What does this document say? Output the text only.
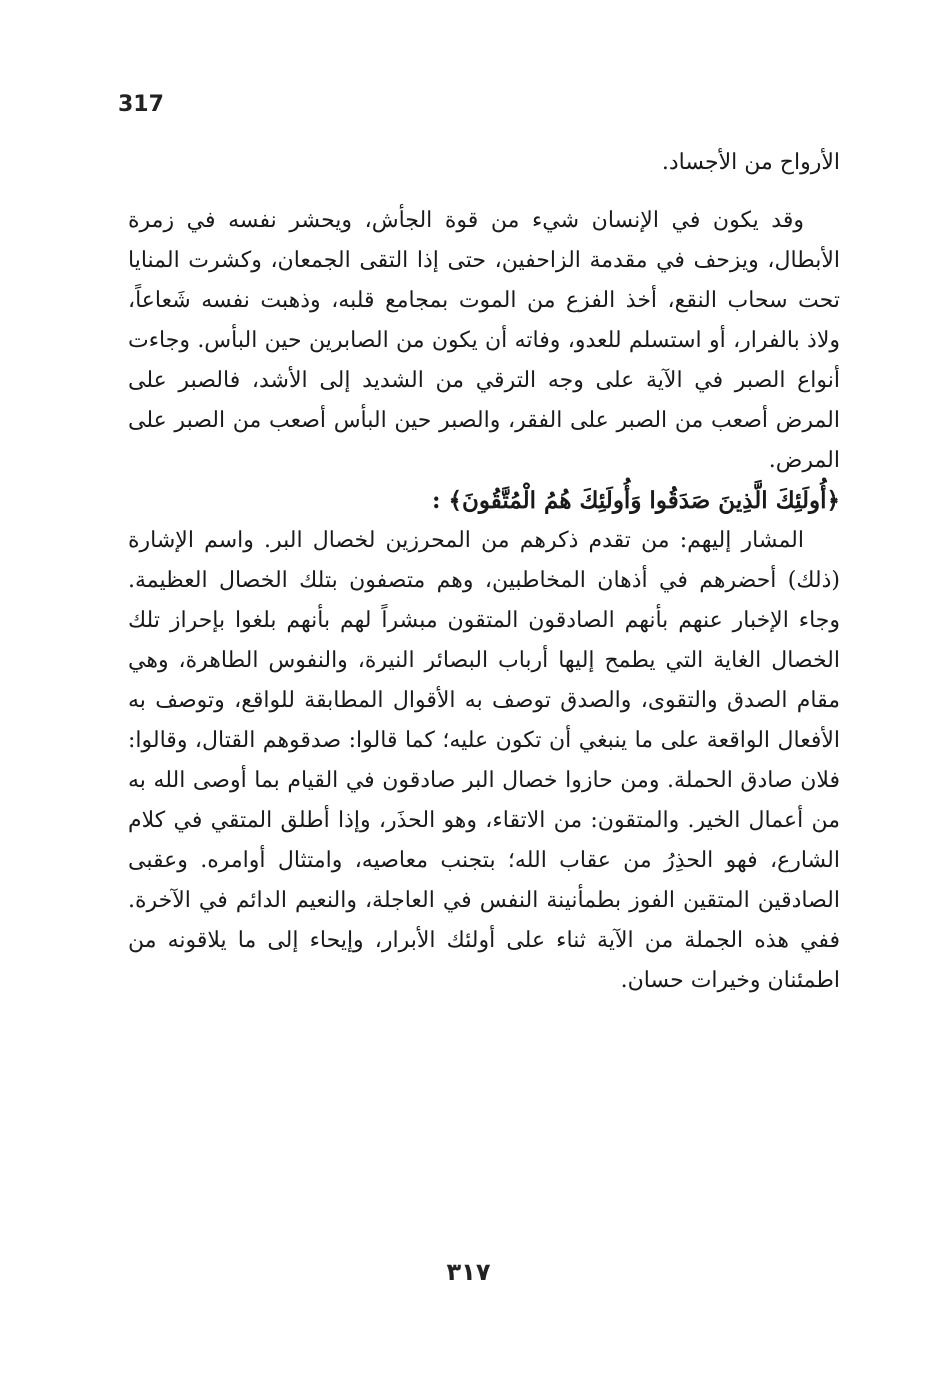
317

الأرواح من الأجساد.

وقد يكون في الإنسان شيء من قوة الجأش، ويحشر نفسه في زمرة الأبطال، ويزحف في مقدمة الزاحفين، حتى إذا التقى الجمعان، وكشرت المنايا تحت سحاب النقع، أخذ الفزع من الموت بمجامع قلبه، وذهبت نفسه شَعاعاً، ولاذ بالفرار، أو استسلم للعدو، وفاته أن يكون من الصابرين حين البأس. وجاءت أنواع الصبر في الآية على وجه الترقي من الشديد إلى الأشد، فالصبر على المرض أصعب من الصبر على الفقر، والصبر حين البأس أصعب من الصبر على المرض.

﴿أُولَئِكَ الَّذِينَ صَدَقُوا وَأُولَئِكَ هُمُ الْمُتَّقُونَ﴾ :

المشار إليهم: من تقدم ذكرهم من المحرزين لخصال البر. واسم الإشارة (ذلك) أحضرهم في أذهان المخاطبين، وهم متصفون بتلك الخصال العظيمة. وجاء الإخبار عنهم بأنهم الصادقون المتقون مبشراً لهم بأنهم بلغوا بإحراز تلك الخصال الغاية التي يطمح إليها أرباب البصائر النيرة، والنفوس الطاهرة، وهي مقام الصدق والتقوى، والصدق توصف به الأقوال المطابقة للواقع، وتوصف به الأفعال الواقعة على ما ينبغي أن تكون عليه؛ كما قالوا: صدقوهم القتال، وقالوا: فلان صادق الحملة. ومن حازوا خصال البر صادقون في القيام بما أوصى الله به من أعمال الخير. والمتقون: من الاتقاء، وهو الحذَر، وإذا أطلق المتقي في كلام الشارع، فهو الحذِرُ من عقاب الله؛ بتجنب معاصيه، وامتثال أوامره. وعقبى الصادقين المتقين الفوز بطمأنينة النفس في العاجلة، والنعيم الدائم في الآخرة. ففي هذه الجملة من الآية ثناء على أولئك الأبرار، وإيحاء إلى ما يلاقونه من اطمئنان وخيرات حسان.

٣١٧
